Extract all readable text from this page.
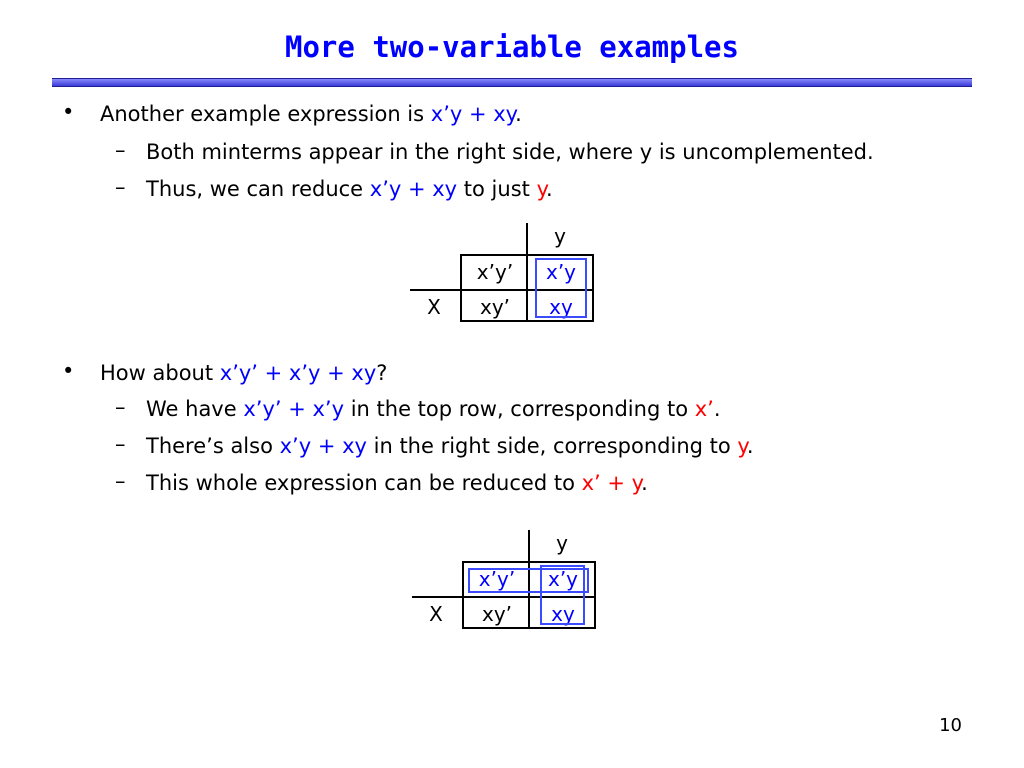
More two-variable examples
• Another example expression is x’y + xy.
– Both minterms appear in the right side, where y is uncomplemented.
– Thus, we can reduce x’y + xy to just y.
y
X
x’y’	x’y
xy’	xy
• How about x’y’ + x’y + xy?
– We have x’y’ + x’y in the top row, corresponding to x’.
– There’s also x’y + xy in the right side, corresponding to y.
– This whole expression can be reduced to x’ + y.
y
X
x’y’	x’y
xy’	xy
10
